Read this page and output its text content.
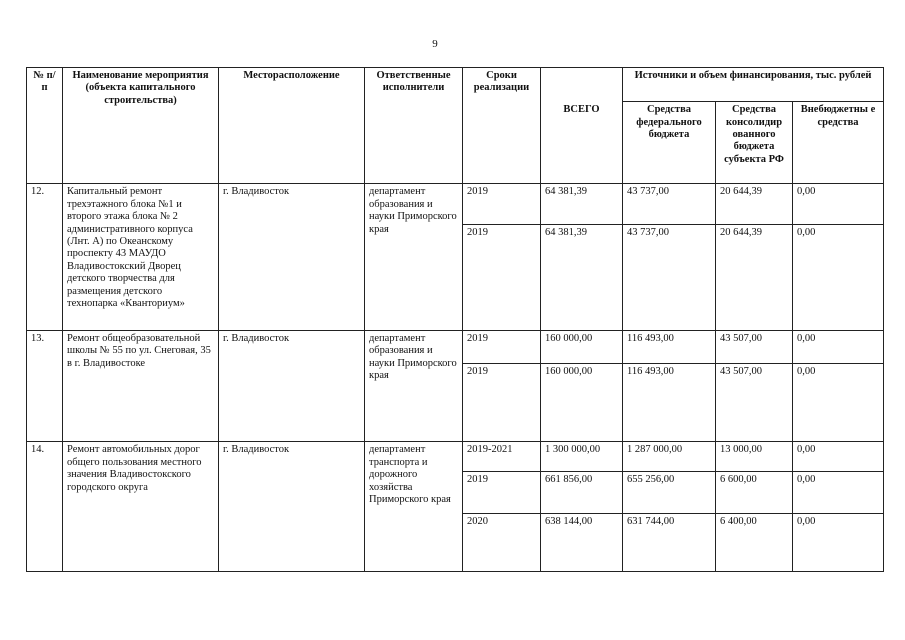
9
№ п/п	Наименование мероприятия (объекта капитального строительства)	Месторасположение	Ответственные исполнители	Сроки реализации		Источники и объем финансирования, тыс. рублей		
					ВСЕГО	Средства федерального бюджета	Средства консолидир ованного бюджета субъекта РФ	Внебюджетны е средства
12.	Капитальный ремонт трехэтажного блока №1 и второго этажа блока № 2 административного корпуса (Лнт. А) по Океанскому проспекту 43 МАУДО Владивостокский Дворец детского творчества для размещения детского технопарка «Кванториум»	г. Владивосток	департамент образования и науки Приморского края	2019	64 381,39	43 737,00	20 644,39	0,00
				2019	64 381,39	43 737,00	20 644,39	0,00
13.	Ремонт общеобразовательной школы № 55 по ул. Снеговая, 35 в г. Владивостоке	г. Владивосток	департамент образования и науки Приморского края	2019	160 000,00	116 493,00	43 507,00	0,00
				2019	160 000,00	116 493,00	43 507,00	0,00
14.	Ремонт автомобильных дорог общего пользования местного значения Владивостокского городского округа	г. Владивосток	департамент транспорта и дорожного хозяйства Приморского края	2019-2021	1 300 000,00	1 287 000,00	13 000,00	0,00
				2019	661 856,00	655 256,00	6 600,00	0,00
				2020	638 144,00	631 744,00	6 400,00	0,00
